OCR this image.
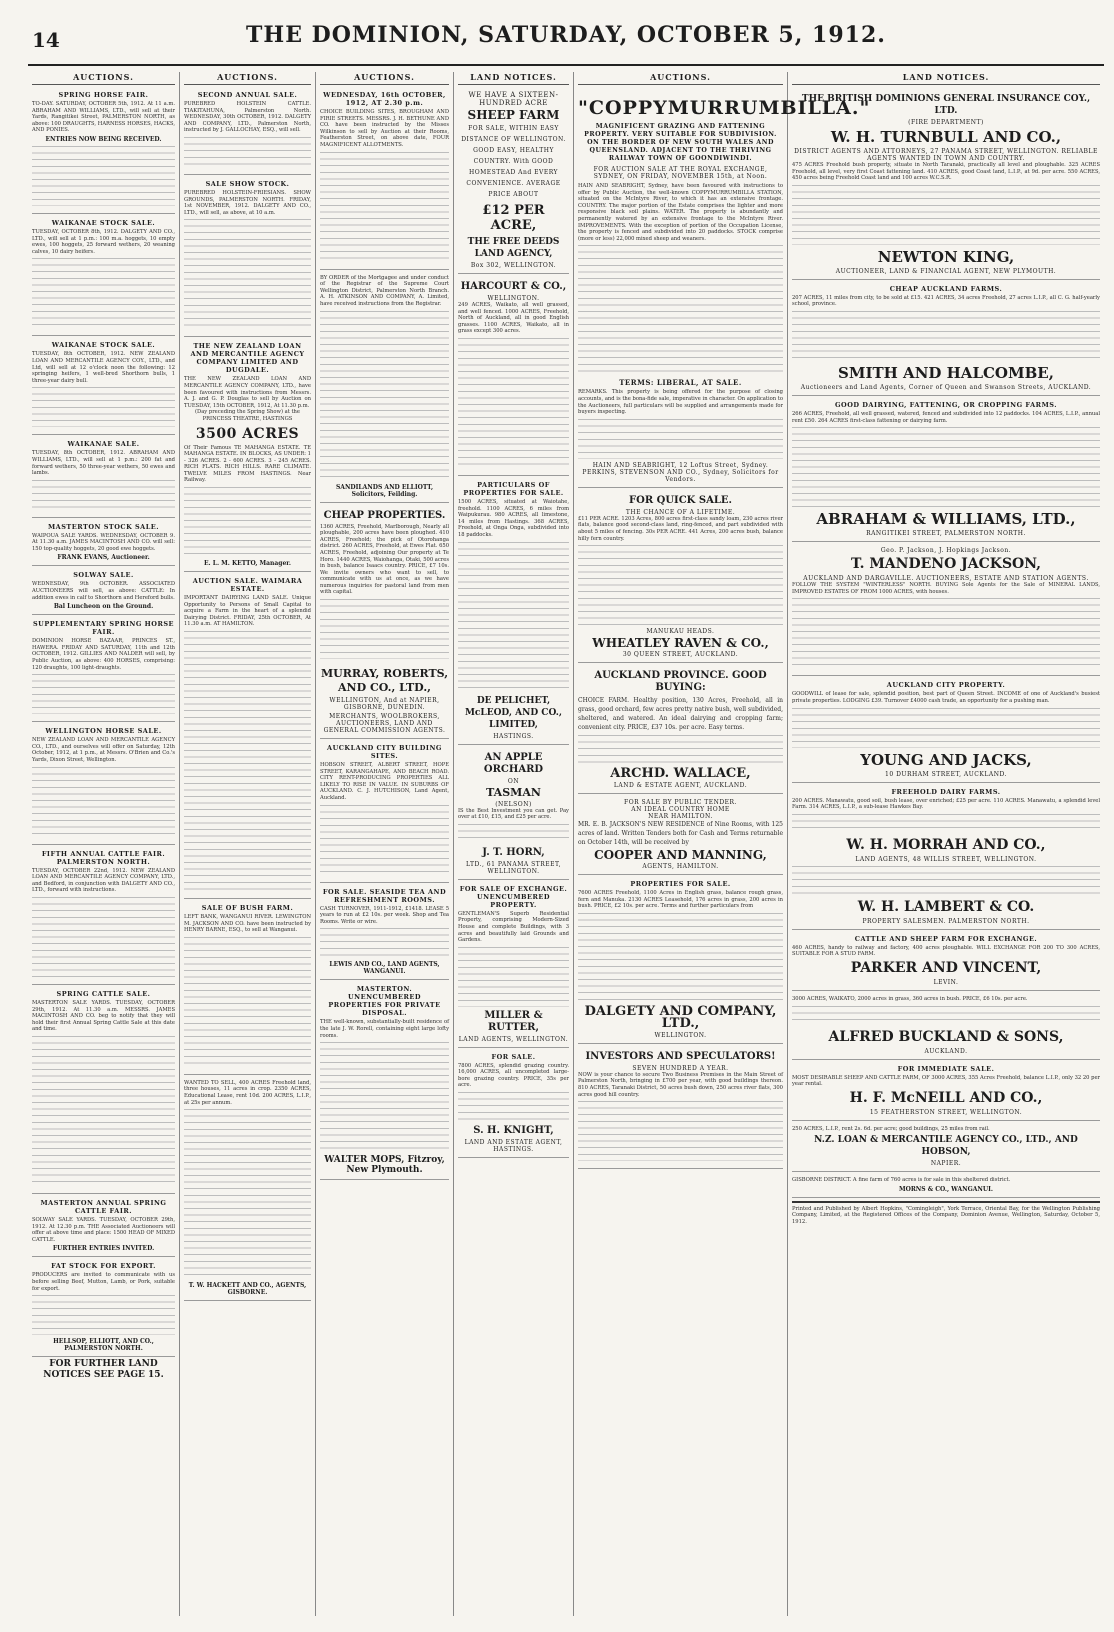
14	THE DOMINION, SATURDAY, OCTOBER 5, 1912.
AUCTIONS.
SPRING HORSE FAIR.
TO-DAY. SATURDAY, OCTOBER 5th, 1912. At 11 a.m. ABRAHAM AND WILLIAMS, LTD., will sell at their Yards, Rangitikei Street, PALMERSTON NORTH, as above: 100 DRAUGHTS, HARNESS HORSES, HACKS, AND PONIES.
ENTRIES NOW BEING RECEIVED.
WAIKANAE STOCK SALE.
TUESDAY, OCTOBER 8th, 1912. DALGETY AND CO., LTD., will sell at 1 p.m.: 100 m.a. hoggets, 10 empty ewes, 100 hoggets, 25 forward wethers, 20 weaning calves, 10 dairy heifers.
WAIKANAE STOCK SALE.
TUESDAY, 8th OCTOBER, 1912. NEW ZEALAND LOAN AND MERCANTILE AGENCY COY., LTD., and Ltd, will sell at 12 o'clock noon the following: 12 springing heifers, 1 well-bred Shorthorn bulls, 1 three-year dairy bull.
WAIKANAE SALE.
TUESDAY, 8th OCTOBER, 1912. ABRAHAM AND WILLIAMS, LTD., will sell at 1 p.m.: 200 fat and forward wethers, 50 three-year wethers, 50 ewes and lambs.
MASTERTON STOCK SALE.
WAIPOUA SALE YARDS. WEDNESDAY, OCTOBER 9. At 11.30 a.m. JAMES MACINTOSH AND CO. will sell: 150 top-quality hoggets, 20 good ewe hoggets.
FRANK EVANS, Auctioneer.
SOLWAY SALE.
WEDNESDAY, 9th OCTOBER. ASSOCIATED AUCTIONEERS will sell, as above: CATTLE: In addition ewes in calf to Shorthorn and Hereford bulls.
Bal Luncheon on the Ground.
SUPPLEMENTARY SPRING HORSE FAIR.
DOMINION HORSE BAZAAR, PRINCES ST., HAWERA. FRIDAY AND SATURDAY, 11th and 12th OCTOBER, 1912. GILLIES AND NALDER will sell, by Public Auction, as above: 400 HORSES, comprising: 120 draughts, 100 light-draughts.
WELLINGTON HORSE SALE.
NEW ZEALAND LOAN AND MERCANTILE AGENCY CO., LTD., and ourselves will offer on Saturday, 12th October, 1912, at 1 p.m., at Messrs. O'Brien and Co.'s Yards, Dixon Street, Wellington.
FIFTH ANNUAL CATTLE FAIR. PALMERSTON NORTH.
TUESDAY, OCTOBER 22nd, 1912. NEW ZEALAND LOAN AND MERCANTILE AGENCY COMPANY, LTD., and Bedford, in conjunction with DALGETY AND CO., LTD., forward with instructions.
SPRING CATTLE SALE.
MASTERTON SALE YARDS. TUESDAY, OCTOBER 29th, 1912. At 11.30 a.m. MESSRS. JAMES MACINTOSH AND CO. beg to notify that they will hold their first Annual Spring Cattle Sale at this date and time.
MASTERTON ANNUAL SPRING CATTLE FAIR.
SOLWAY SALE YARDS. TUESDAY, OCTOBER 29th, 1912. At 12.30 p.m. THE Associated Auctioneers will offer at above time and place: 1500 HEAD OF MIXED CATTLE.
FURTHER ENTRIES INVITED.
FAT STOCK FOR EXPORT.
PRODUCERS are invited to communicate with us before selling Beef, Mutton, Lamb, or Pork, suitable for export.
HELLSOP, ELLIOTT, AND CO., PALMERSTON NORTH.
FOR FURTHER LAND NOTICES SEE PAGE 15.
AUCTIONS.
SECOND ANNUAL SALE.
PUREBRED HOLSTEIN CATTLE. TIAKITAHUNA, Palmerston North. WEDNESDAY, 30th OCTOBER, 1912. DALGETY AND COMPANY, LTD., Palmerston North, instructed by J. GALLOCHAY, ESQ., will sell.
SALE SHOW STOCK.
PUREBRED HOLSTEIN-FRIESIANS. SHOW GROUNDS, PALMERSTON NORTH. FRIDAY, 1st NOVEMBER, 1912. DALGETY AND CO., LTD., will sell, as above, at 10 a.m.
THE NEW ZEALAND LOAN AND MERCANTILE AGENCY COMPANY LIMITED AND DUGDALE.
THE NEW ZEALAND LOAN AND MERCANTILE AGENCY COMPANY, LTD., have been favoured with instructions from Messrs. A. J. and G. P. Douglas to sell by Auction on TUESDAY, 15th OCTOBER, 1912, At 11.30 p.m.
(Day preceding the Spring Show) at the PRINCESS THEATRE, HASTINGS
3500 ACRES
Of Their Famous TE MAHANGA ESTATE. TE MAHANGA ESTATE. IN BLOCKS, AS UNDER: 1 - 326 ACRES. 2 - 600 ACRES. 3 - 245 ACRES. RICH FLATS. RICH HILLS. RARE CLIMATE. TWELVE MILES FROM HASTINGS. Near Railway.
E. L. M. KETTO, Manager.
AUCTION SALE. WAIMARA ESTATE.
IMPORTANT DAIRYING LAND SALE. Unique Opportunity to Persons of Small Capital to acquire a Farm in the heart of a splendid Dairying District. FRIDAY, 25th OCTOBER, At 11.30 a.m. AT HAMILTON.
SALE OF BUSH FARM.
LEFT BANK, WANGANUI RIVER. LEWINGTON M. JACKSON AND CO. have been instructed by HENRY BARNE, ESQ., to sell at Wanganui.
WANTED TO SELL, 400 ACRES Freehold land, three houses, 11 acres in crop. 2350 ACRES, Educational Lease, rent 10d. 200 ACRES, L.I.P., at 25s per annum.
T. W. HACKETT AND CO., AGENTS, GISBORNE.
AUCTIONS.
WEDNESDAY, 16th OCTOBER, 1912, AT 2.30 p.m.
CHOICE BUILDING SITES, BROUGHAM AND FIRIE STREETS. MESSRS. J. H. BETHUNE AND CO. have been instructed by the Misses Wilkinson to sell by Auction at their Rooms, Featherston Street, on above date, FOUR MAGNIFICENT ALLOTMENTS.
BY ORDER of the Mortgagee and under conduct of the Registrar of the Supreme Court Wellington District, Palmerston North Branch. A. H. ATKINSON AND COMPANY, A. Limited, have received instructions from the Registrar.
SANDILANDS AND ELLIOTT, Solicitors, Feilding.
CHEAP PROPERTIES.
1360 ACRES, Freehold, Marlborough, Nearly all ploughable, 200 acres have been ploughed. 410 ACRES, Freehold; the pick of Otorohanga district. 260 ACRES, Freehold, at Ewes Flat. 650 ACRES, Freehold, adjoining Our property at Te Horo. 1440 ACRES, Waiohanga, Otaki, 500 acres in bush, balance Isaacs country. PRICE, £7 10s. We invite owners who want to sell, to communicate with us at once, as we have numerous inquiries for pastoral land from men with capital.
MURRAY, ROBERTS, AND CO., LTD.,
WELLINGTON, And at NAPIER, GISBORNE, DUNEDIN.
MERCHANTS, WOOLBROKERS, AUCTIONEERS, LAND AND GENERAL COMMISSION AGENTS.
AUCKLAND CITY BUILDING SITES.
HOBSON STREET, ALBERT STREET, HOPE STREET, KARANGAHAPE, AND BEACH ROAD. CITY RENT-PRODUCING PROPERTIES ALL LIKELY TO RISE IN VALUE. IN SUBURBS OF AUCKLAND. C. J. HUTCHISON, Land Agent, Auckland.
FOR SALE. SEASIDE TEA AND REFRESHMENT ROOMS.
CASH TURNOVER, 1911-1912, £1418. LEASE 5 years to run at £2 10s. per week. Shop and Tea Rooms. Write or wire.
LEWIS AND CO., LAND AGENTS, WANGANUI.
MASTERTON. UNENCUMBERED PROPERTIES FOR PRIVATE DISPOSAL.
THE well-known, substantially-built residence of the late J. W. Rorell, containing eight large lofty rooms.
WALTER MOPS, Fitzroy, New Plymouth.
LAND NOTICES.
WE HAVE A SIXTEEN-HUNDRED ACRE
SHEEP FARM
FOR SALE, WITHIN EASY DISTANCE OF WELLINGTON. GOOD EASY, HEALTHY COUNTRY. With GOOD HOMESTEAD And EVERY CONVENIENCE. AVERAGE PRICE ABOUT
£12 PER ACRE,
THE FREE DEEDS LAND AGENCY,
Box 302, WELLINGTON.
HARCOURT & CO.,
WELLINGTON.
249 ACRES, Waikato, all well grassed, and well fenced. 1000 ACRES, Freehold, North of Auckland, all in good English grasses. 1100 ACRES, Waikato, all in grass except 300 acres.
PARTICULARS OF PROPERTIES FOR SALE.
1500 ACRES, situated at Waiotahe, freehold. 1100 ACRES, 6 miles from Waipukurau. 980 ACRES, all limestone, 14 miles from Hastings. 368 ACRES, Freehold, at Onga Onga, subdivided into 18 paddocks.
DE PELICHET, McLEOD, AND CO., LIMITED,
HASTINGS.
AN APPLE ORCHARD
ON
TASMAN
(NELSON)
IS the Best Investment you can get. Pay over at £10, £15, and £25 per acre.
J. T. HORN,
LTD., 61 PANAMA STREET, WELLINGTON.
FOR SALE OF EXCHANGE. UNENCUMBERED PROPERTY.
GENTLEMAN'S Superb Residential Property, comprising Modern-Sized House and complete Buildings, with 3 acres and beautifully laid Grounds and Gardens.
MILLER & RUTTER,
LAND AGENTS, WELLINGTON.
FOR SALE.
7800 ACRES, splendid grazing country. 16,000 ACRES, all uncompleted large-bore grazing country. PRICE, 35s per acre.
S. H. KNIGHT,
LAND AND ESTATE AGENT, HASTINGS.
AUCTIONS.
"COPPYMURRUMBILLA."
MAGNIFICENT GRAZING AND FATTENING PROPERTY. VERY SUITABLE FOR SUBDIVISION. ON THE BORDER OF NEW SOUTH WALES AND QUEENSLAND. ADJACENT TO THE THRIVING RAILWAY TOWN OF GOONDIWINDI.
FOR AUCTION SALE AT THE ROYAL EXCHANGE, SYDNEY, ON FRIDAY, NOVEMBER 15th, at Noon.
HAIN AND SEABRIGHT, Sydney, have been favoured with instructions to offer by Public Auction, the well-known COPPYMURRUMBILLA STATION, situated on the McIntyre River, to which it has an extensive frontage. COUNTRY. The major portion of the Estate comprises the lighter and more responsive black soil plains. WATER. The property is abundantly and permanently watered by an extensive frontage to the McIntyre River. IMPROVEMENTS. With the exception of portion of the Occupation License, the property is fenced and subdivided into 20 paddocks. STOCK comprise (more or less) 22,000 mixed sheep and weaners.
TERMS: LIBERAL, AT SALE.
REMARKS. This property is being offered for the purpose of closing accounts, and is the bona-fide sale, imperative in character. On application to the Auctioneers, full particulars will be supplied and arrangements made for buyers inspecting.
HAIN AND SEABRIGHT, 12 Loftus Street, Sydney.
PERKINS, STEVENSON AND CO., Sydney, Solicitors for Vendors.
FOR QUICK SALE.
THE CHANCE OF A LIFETIME.
£11 PER ACRE. 1203 Acres, 800 acres first-class sandy loam, 230 acres river flats, balance good second-class land, ring-fenced, and part subdivided with about 5 miles of fencing. 30s PER ACRE. 441 Acres, 200 acres bush, balance hilly fern country.
MANUKAU HEADS.
WHEATLEY RAVEN & CO.,
30 QUEEN STREET, AUCKLAND.
AUCKLAND PROVINCE. GOOD BUYING:
CHOICE FARM. Healthy position, 130 Acres, Freehold, all in grass, good orchard, few acres pretty native bush, well subdivided, sheltered, and watered. An ideal dairying and cropping farm; convenient city. PRICE, £37 10s. per acre. Easy terms.
ARCHD. WALLACE,
LAND & ESTATE AGENT, AUCKLAND.
FOR SALE BY PUBLIC TENDER.
AN IDEAL COUNTRY HOME
NEAR HAMILTON.
MR. E. B. JACKSON'S NEW RESIDENCE of Nine Rooms, with 125 acres of land. Written Tenders both for Cash and Terms returnable on October 14th, will be received by
COOPER AND MANNING,
AGENTS, HAMILTON.
PROPERTIES FOR SALE.
7600 ACRES Freehold, 1100 Acres in English grass, balance rough grass, fern and Manuka. 2130 ACRES Leasehold, 176 acres in grass, 200 acres in bush. PRICE, £2 10s. per acre. Terms and further particulars from
DALGETY AND COMPANY, LTD.,
WELLINGTON.
INVESTORS AND SPECULATORS!
SEVEN HUNDRED A YEAR.
NOW is your chance to secure Two Business Premises in the Main Street of Palmerston North, bringing in £700 per year, with good buildings thereon. 810 ACRES, Taranaki District, 50 acres bush down, 250 acres river flats, 300 acres good hill country.
LAND NOTICES.
THE BRITISH DOMINIONS GENERAL INSURANCE COY., LTD.
(FIRE DEPARTMENT)
W. H. TURNBULL AND CO.,
DISTRICT AGENTS AND ATTORNEYS, 27 PANAMA STREET, WELLINGTON. RELIABLE AGENTS WANTED IN TOWN AND COUNTRY.
475 ACRES Freehold bush property, situate in North Taranaki, practically all level and ploughable. 325 ACRES Freehold, all level, very first Coast fattening land. 410 ACRES, good Coast land, L.I.P., at 9d. per acre. 550 ACRES, 450 acres being Freehold Coast land and 100 acres W.C.S.R.
NEWTON KING,
AUCTIONEER, LAND & FINANCIAL AGENT, NEW PLYMOUTH.
CHEAP AUCKLAND FARMS.
207 ACRES, 11 miles from city, to be sold at £15. 421 ACRES, 34 acres Freehold, 27 acres L.I.P., all C. G. half-yearly school, province.
SMITH AND HALCOMBE,
Auctioneers and Land Agents, Corner of Queen and Swanson Streets, AUCKLAND.
GOOD DAIRYING, FATTENING, OR CROPPING FARMS.
266 ACRES, Freehold, all well grassed, watered, fenced and subdivided into 12 paddocks. 104 ACRES, L.I.P., annual rent £50. 264 ACRES first-class fattening or dairying farm.
ABRAHAM & WILLIAMS, LTD.,
RANGITIKEI STREET, PALMERSTON NORTH.
Geo. P. Jackson, J. Hopkings Jackson.
T. MANDENO JACKSON,
AUCKLAND AND DARGAVILLE. AUCTIONEERS, ESTATE AND STATION AGENTS.
FOLLOW THE SYSTEM "WINTERLESS" NORTH. BUYING Sole Agents for the Sale of MINERAL LANDS, IMPROVED ESTATES OF FROM 1000 ACRES, with houses.
AUCKLAND CITY PROPERTY.
GOODWILL of lease for sale, splendid position, best part of Queen Street. INCOME of one of Auckland's busiest private properties. LODGING £39. Turnover £4000 cash trade, an opportunity for a pushing man.
YOUNG AND JACKS,
10 DURHAM STREET, AUCKLAND.
FREEHOLD DAIRY FARMS.
200 ACRES. Manawatu, good soil, bush lease, over enriched; £25 per acre. 110 ACRES. Manawatu, a splendid level Farm. 314 ACRES, L.I.P., a sub-lease Hawkes Bay.
W. H. MORRAH AND CO.,
LAND AGENTS, 48 WILLIS STREET, WELLINGTON.
W. H. LAMBERT & CO.
PROPERTY SALESMEN. PALMERSTON NORTH.
CATTLE AND SHEEP FARM FOR EXCHANGE.
460 ACRES, handy to railway and factory, 400 acres ploughable. WILL EXCHANGE FOR 200 TO 300 ACRES, SUITABLE FOR A STUD FARM.
PARKER AND VINCENT,
LEVIN.
3000 ACRES, WAIKATO, 2000 acres in grass, 360 acres in bush. PRICE, £6 10s. per acre.
ALFRED BUCKLAND & SONS,
AUCKLAND.
FOR IMMEDIATE SALE.
MOST DESIRABLE SHEEP AND CATTLE FARM, OF 3000 ACRES, 355 Acres Freehold, balance L.I.P., only 32 20 per year rental.
H. F. McNEILL AND CO.,
15 FEATHERSTON STREET, WELLINGTON.
250 ACRES, L.I.P., rent 2s. 6d. per acre; good buildings, 25 miles from rail.
N.Z. LOAN & MERCANTILE AGENCY CO., LTD., AND HOBSON,
NAPIER.
GISBORNE DISTRICT. A fine farm of 760 acres is for sale in this sheltered district.
MORNS & CO., WANGANUI.
Printed and Published by Albert Hopkins, "Comingleigh", York Terrace, Oriental Bay, for the Wellington Publishing Company, Limited, at the Registered Offices of the Company, Dominion Avenue, Wellington, Saturday, October 5, 1912.
